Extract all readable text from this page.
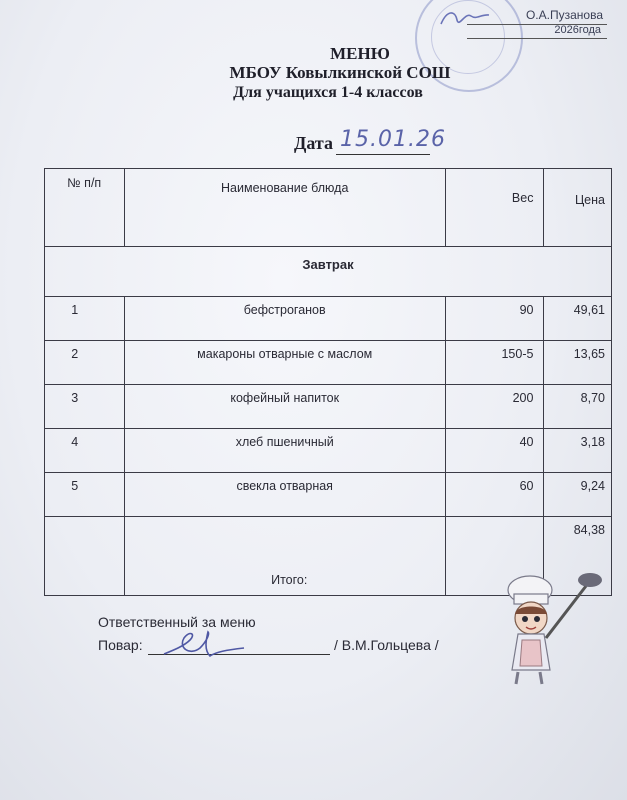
О.А.Пузанова
2026года
МЕНЮ
МБОУ Ковылкинской СОШ
Для учащихся 1-4 классов
Дата 15.01.26
№ п/п	Наименование блюда	Вес	Цена
Завтрак			
1	бефстроганов	90	49,61
2	макароны отварные с маслом	150-5	13,65
3	кофейный напиток	200	8,70
4	хлеб пшеничный	40	3,18
5	свекла отварная	60	9,24
	Итого:		84,38
Ответственный за меню
Повар:	/ В.М.Гольцева /
